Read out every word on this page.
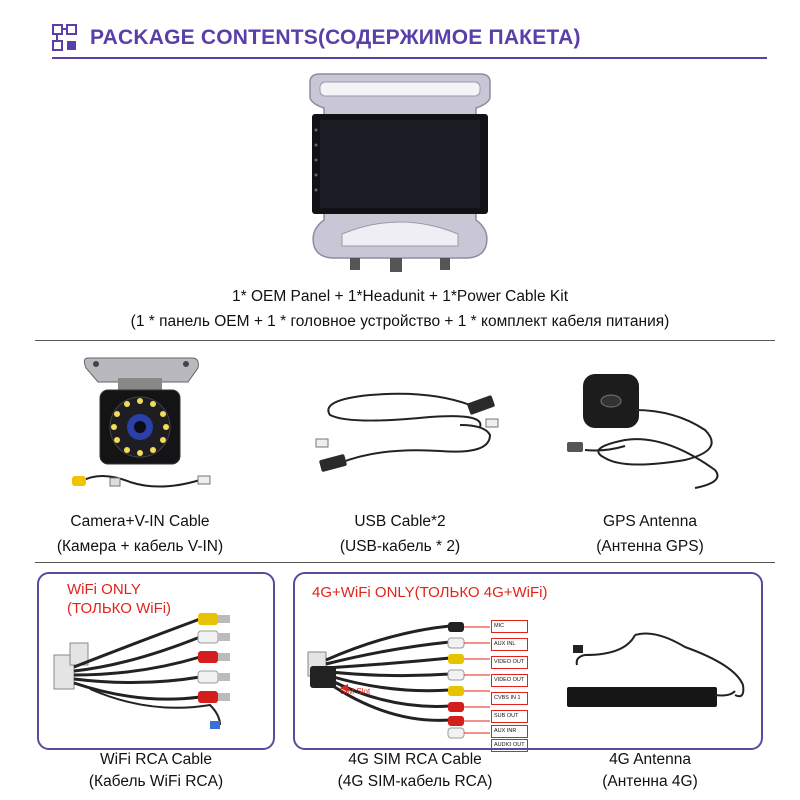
PACKAGE CONTENTS(СОДЕРЖИМОЕ ПАКЕТА)
1* OEM Panel + 1*Headunit + 1*Power Cable Kit
(1 * панель OEM + 1 * головное устройство + 1 * комплект кабеля питания)
Camera+V-IN Cable
(Камера + кабель V-IN)
USB Cable*2
(USB-кабель * 2)
GPS Antenna
(Антенна GPS)
WiFi ONLY
(ТОЛЬКО WiFi)
WiFi RCA Cable
(Кабель WiFi RCA)
4G+WiFi ONLY(ТОЛЬКО 4G+WiFi)
SIM Slot
MIC
AUX INL
VIDEO OUT
VIDEO OUT
CVBS IN 1
SUB OUT
AUX INR
AUDIO OUT
4G SIM RCA Cable
(4G SIM-кабель RCA)
4G Antenna
(Антенна 4G)
